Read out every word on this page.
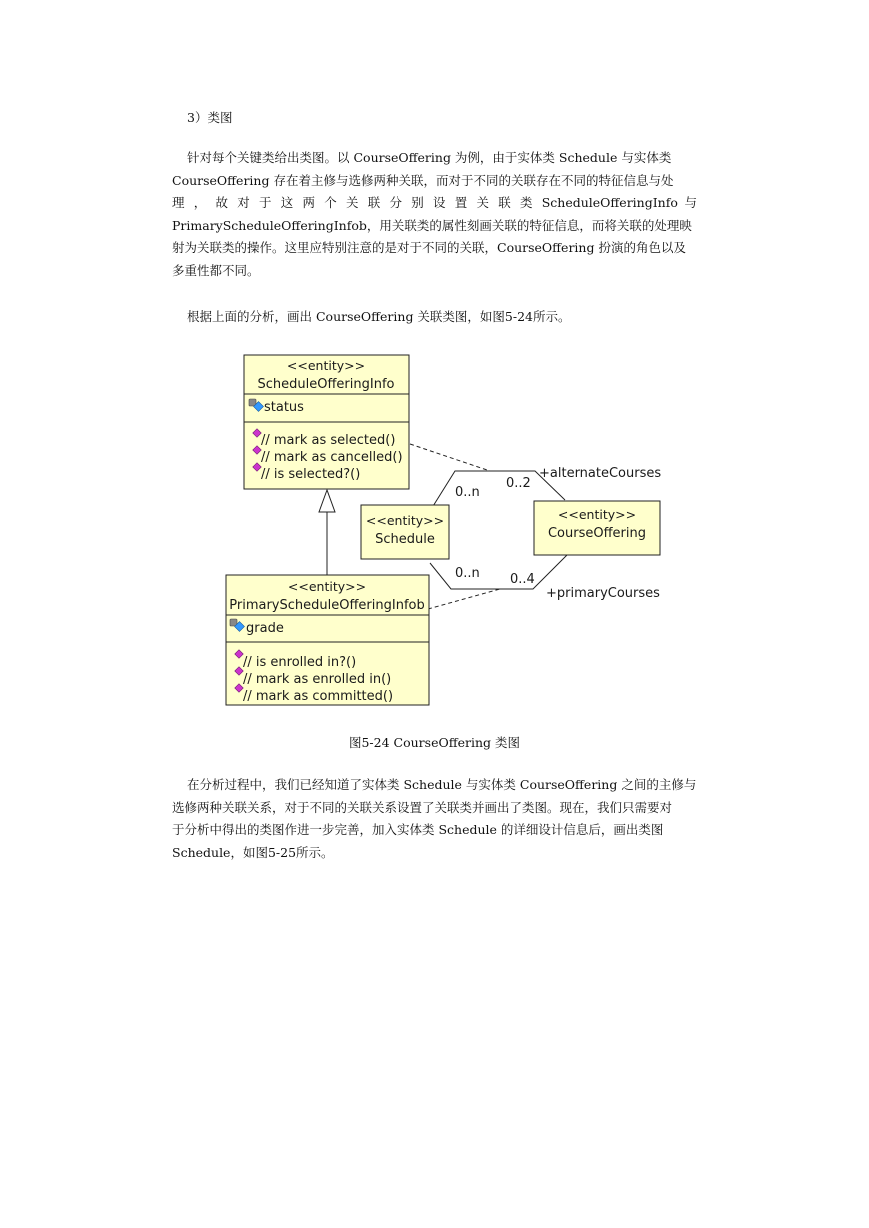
3）类图
针对每个关键类给出类图。以 CourseOffering 为例，由于实体类 Schedule 与实体类
CourseOffering 存在着主修与选修两种关联，而对于不同的关联存在不同的特征信息与处
理 ， 故 对 于 这 两 个 关 联 分 别 设 置 关 联 类 ScheduleOfferingInfo 与
PrimaryScheduleOfferingInfob，用关联类的属性刻画关联的特征信息，而将关联的处理映
射为关联类的操作。这里应特别注意的是对于不同的关联，CourseOffering 扮演的角色以及
多重性都不同。
根据上面的分析，画出 CourseOffering 关联类图，如图5-24所示。
<<entity>>
ScheduleOfferingInfo
status
// mark as selected()
// mark as cancelled()
// is selected?()
<<entity>>
Schedule
<<entity>>
CourseOffering
<<entity>>
PrimaryScheduleOfferingInfob
grade
// is enrolled in?()
// mark as enrolled in()
// mark as committed()
0..n
0..2
+alternateCourses
0..n 0..4
+primaryCourses
图5-24 CourseOffering 类图
在分析过程中，我们已经知道了实体类 Schedule 与实体类 CourseOffering 之间的主修与
选修两种关联关系，对于不同的关联关系设置了关联类并画出了类图。现在，我们只需要对
于分析中得出的类图作进一步完善，加入实体类 Schedule 的详细设计信息后，画出类图
Schedule，如图5-25所示。
